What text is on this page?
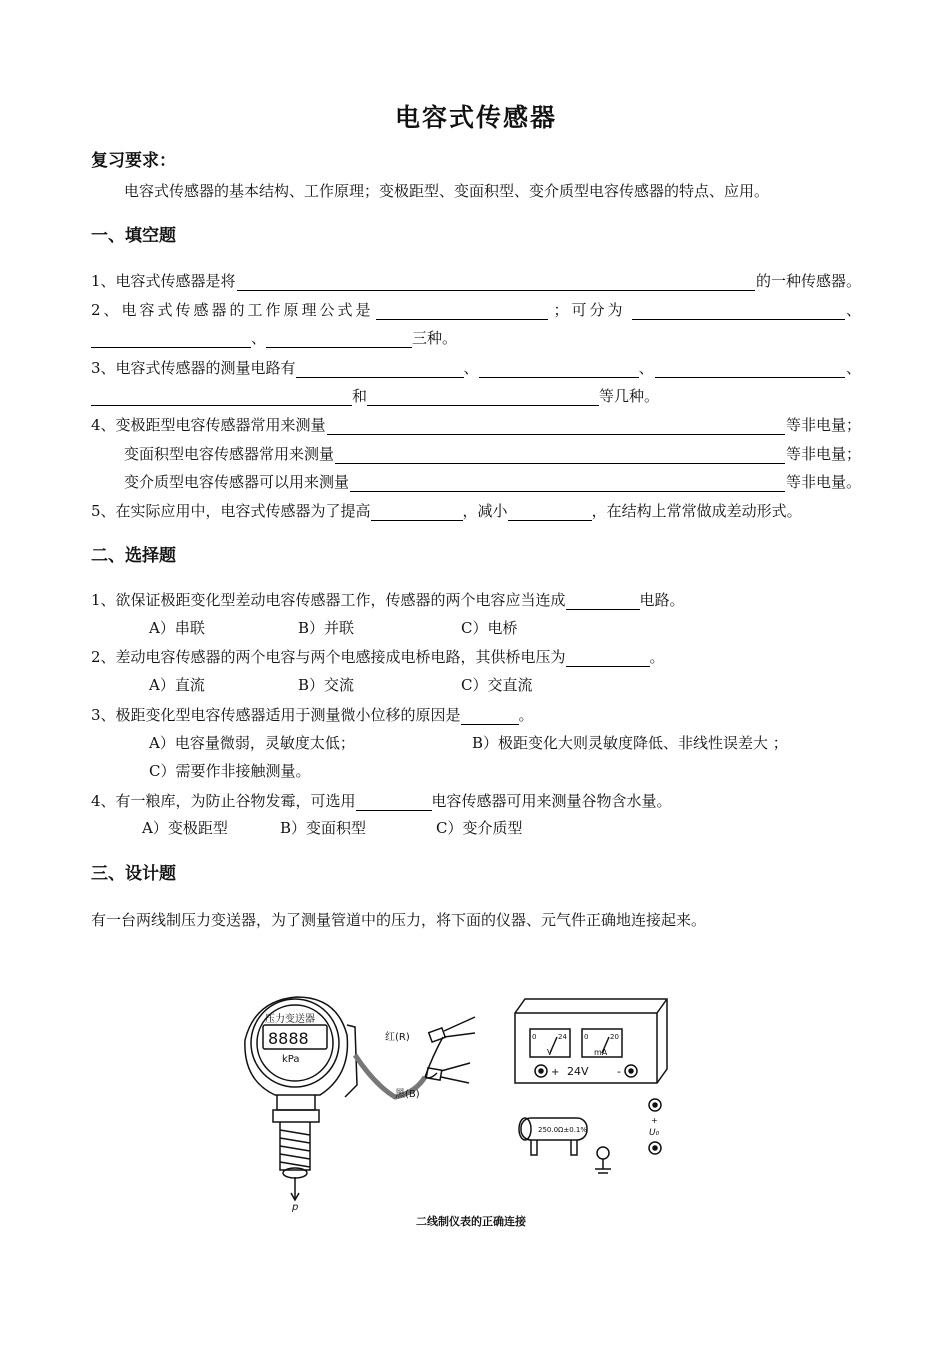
电容式传感器
复习要求：
电容式传感器的基本结构、工作原理；变极距型、变面积型、变介质型电容传感器的特点、应用。
一、填空题
1、电容式传感器是将	的一种传感器。
2、电容式传感器的工作原理公式是	；可分为	、
、	三种。
3、电容式传感器的测量电路有	、	、	、
和	等几种。
4、变极距型电容传感器常用来测量	等非电量；
变面积型电容传感器常用来测量	等非电量；
变介质型电容传感器可以用来测量	等非电量。
5、在实际应用中，电容式传感器为了提高	，减小	，在结构上常常做成差动形式。
二、选择题
1、欲保证极距变化型差动电容传感器工作，传感器的两个电容应当连成	电路。
A）串联	B）并联	C）电桥
2、差动电容传感器的两个电容与两个电感接成电桥电路，其供桥电压为	。
A）直流	B）交流	C）交直流
3、极距变化型电容传感器适用于测量微小位移的原因是	。
A）电容量微弱，灵敏度太低；	B）极距变化大则灵敏度降低、非线性误差大 ；
C）需要作非接触测量。
4、有一粮库，为防止谷物发霉，可选用	电容传感器可用来测量谷物含水量。
A）变极距型	B）变面积型	C）变介质型
三、设计题
有一台两线制压力变送器，为了测量管道中的压力，将下面的仪器、元气件正确地连接起来。
压力变送器
8888
kPa
p
红(R)
黑(B)
V
0	24
mA
0	20
+ 24V	-
250.0Ω±0.1%
+
U₀
二线制仪表的正确连接
